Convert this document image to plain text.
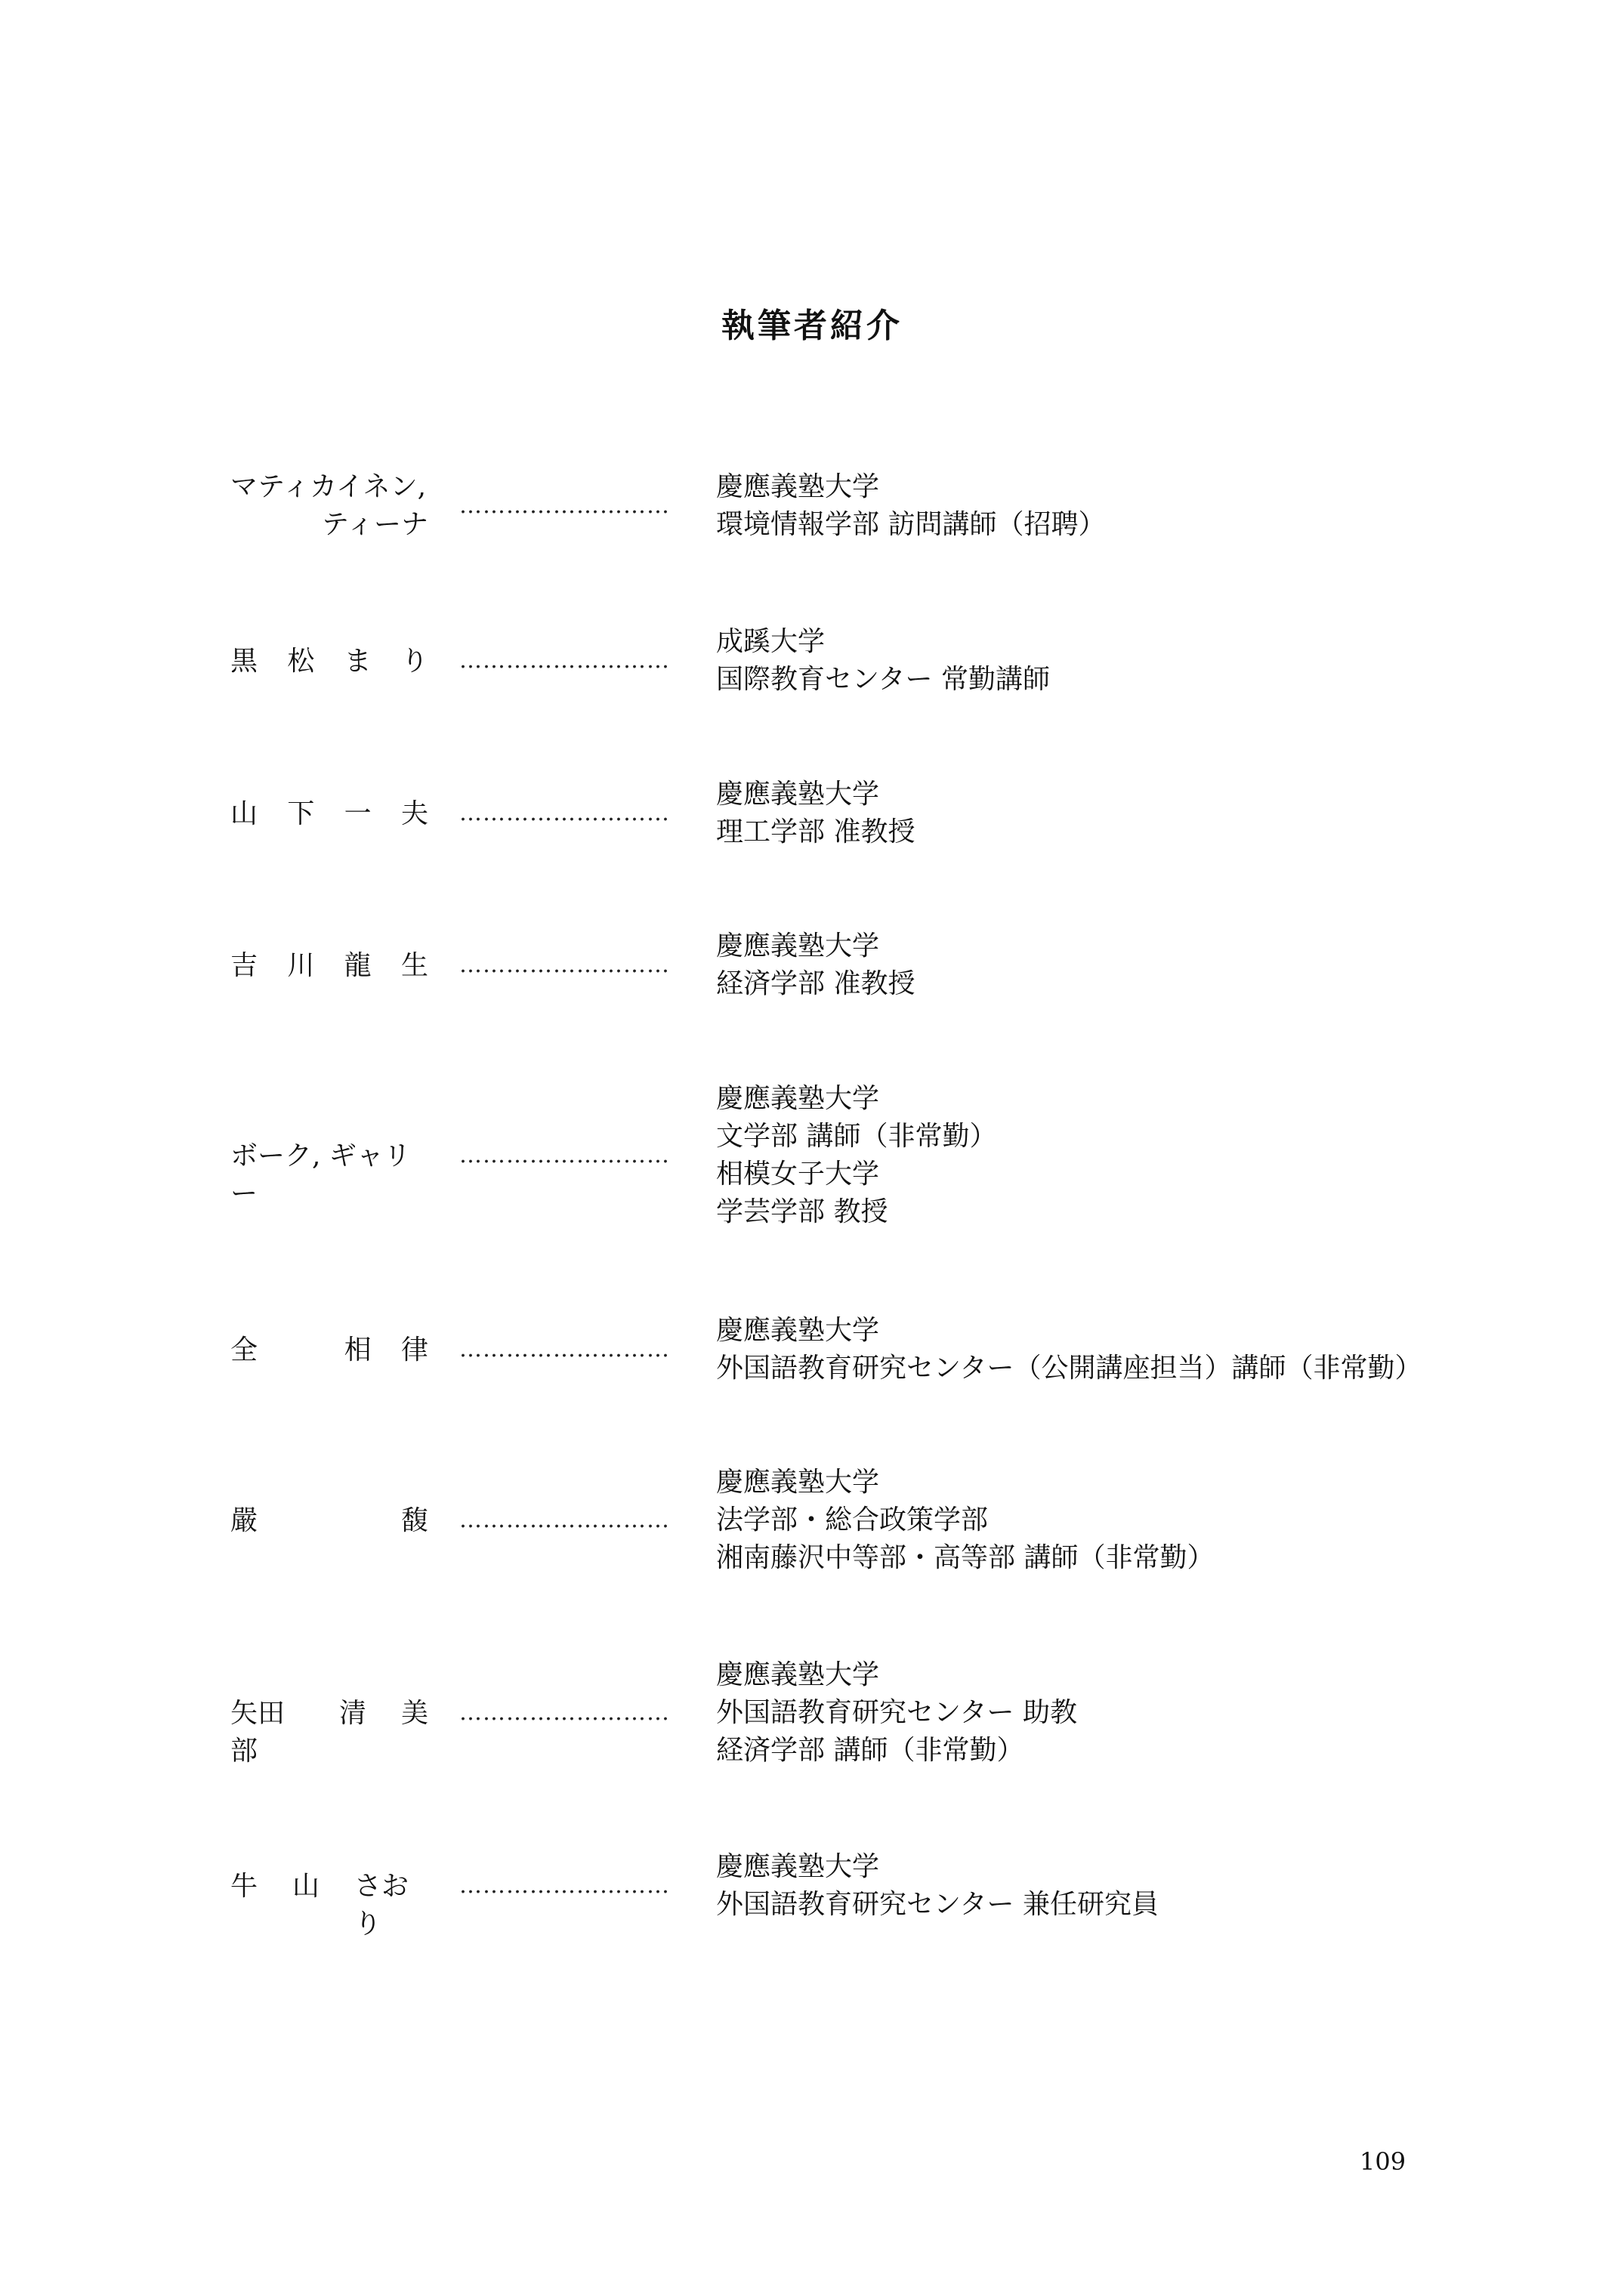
執筆者紹介
マティカイネン,
ティーナ
………………………
慶應義塾大学
環境情報学部 訪問講師（招聘）
黒 松 ま り ………………………
成蹊大学
国際教育センター 常勤講師
山 下 一 夫 ………………………
慶應義塾大学
理工学部 准教授
吉 川 龍 生 ………………………
慶應義塾大学
経済学部 准教授
ボーク, ギャリー
………………………
慶應義塾大学
文学部 講師（非常勤）
相模女子大学
学芸学部 教授
全	相 律 ………………………
慶應義塾大学
外国語教育研究センター（公開講座担当）講師（非常勤）
嚴	馥 ………………………
慶應義塾大学
法学部・総合政策学部
湘南藤沢中等部・高等部 講師（非常勤）
矢田部
清 美 ………………………
慶應義塾大学
外国語教育研究センター 助教
経済学部 講師（非常勤）
牛 山 さおり
………………………
慶應義塾大学
外国語教育研究センター 兼任研究員
109
